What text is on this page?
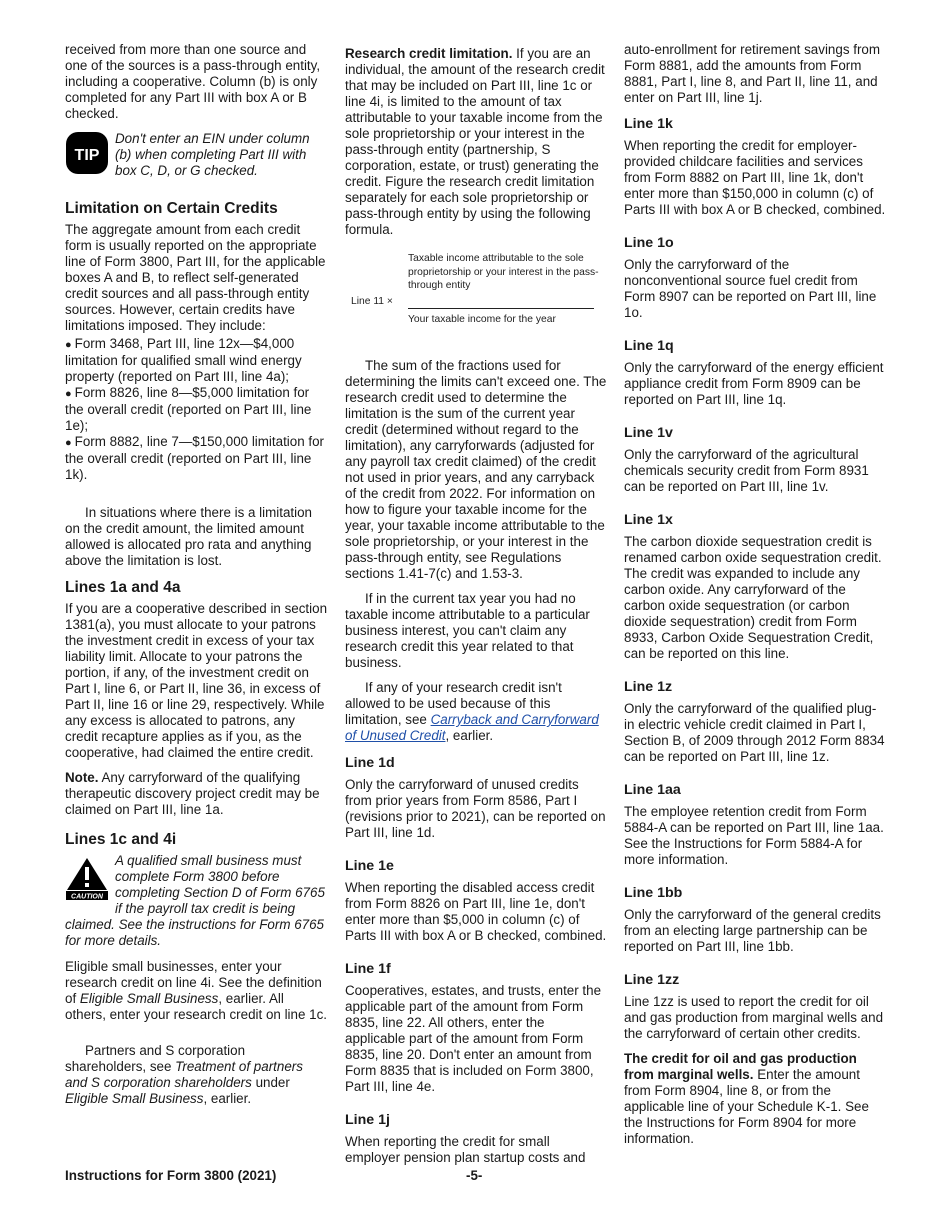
received from more than one source and one of the sources is a pass-through entity, including a cooperative. Column (b) is only completed for any Part III with box A or B checked.

TIP
Don't enter an EIN under column (b) when completing Part III with box C, D, or G checked.
Limitation on Certain Credits

The aggregate amount from each credit form is usually reported on the appropriate line of Form 3800, Part III, for the applicable boxes A and B, to reflect self-generated credit sources and all pass-through entity sources. However, certain credits have limitations imposed. They include:

● Form 3468, Part III, line 12x—$4,000 limitation for qualified small wind energy property (reported on Part III, line 4a);

● Form 8826, line 8—$5,000 limitation for the overall credit (reported on Part III, line 1e);

● Form 8882, line 7—$150,000 limitation for the overall credit (reported on Part III, line 1k).

In situations where there is a limitation on the credit amount, the limited amount allowed is allocated pro rata and anything above the limitation is lost.

Lines 1a and 4a

If you are a cooperative described in section 1381(a), you must allocate to your patrons the investment credit in excess of your tax liability limit. Allocate to your patrons the portion, if any, of the investment credit on Part I, line 6, or Part II, line 36, in excess of Part II, line 16 or line 29, respectively. While any excess is allocated to patrons, any credit recapture applies as if you, as the cooperative, had claimed the entire credit.

Note. Any carryforward of the qualifying therapeutic discovery project credit may be claimed on Part III, line 1a.

Lines 1c and 4i
CAUTION
A qualified small business must complete Form 3800 before completing Section D of Form 6765 if the payroll tax credit is being claimed. See the instructions for Form 6765 for more details.

Eligible small businesses, enter your research credit on line 4i. See the definition of Eligible Small Business, earlier. All others, enter your research credit on line 1c.

Partners and S corporation shareholders, see Treatment of partners and S corporation shareholders under Eligible Small Business, earlier.

Research credit limitation. If you are an individual, the amount of the research credit that may be included on Part III, line 1c or line 4i, is limited to the amount of tax attributable to your taxable income from the sole proprietorship or your interest in the pass-through entity (partnership, S corporation, estate, or trust) generating the credit. Figure the research credit limitation separately for each sole proprietorship or pass-through entity by using the following formula.

Taxable income attributable to the sole proprietorship or your interest in the pass-through entity
Line 11 ×
Your taxable income for the year

The sum of the fractions used for determining the limits can't exceed one. The research credit used to determine the limitation is the sum of the current year credit (determined without regard to the limitation), any carryforwards (adjusted for any payroll tax credit claimed) of the credit not used in prior years, and any carryback of the credit from 2022. For information on how to figure your taxable income for the year, your taxable income attributable to the sole proprietorship, or your interest in the pass-through entity, see Regulations sections 1.41-7(c) and 1.53-3.

If in the current tax year you had no taxable income attributable to a particular business interest, you can't claim any research credit this year related to that business.

If any of your research credit isn't allowed to be used because of this limitation, see Carryback and Carryforward of Unused Credit, earlier.

Line 1d

Only the carryforward of unused credits from prior years from Form 8586, Part I (revisions prior to 2021), can be reported on Part III, line 1d.

Line 1e

When reporting the disabled access credit from Form 8826 on Part III, line 1e, don't enter more than $5,000 in column (c) of Parts III with box A or B checked, combined.

Line 1f

Cooperatives, estates, and trusts, enter the applicable part of the amount from Form 8835, line 22. All others, enter the applicable part of the amount from Form 8835, line 20. Don't enter an amount from Form 8835 that is included on Form 3800, Part III, line 4e.

Line 1j

When reporting the credit for small employer pension plan startup costs and

auto-enrollment for retirement savings from Form 8881, add the amounts from Form 8881, Part I, line 8, and Part II, line 11, and enter on Part III, line 1j.

Line 1k

When reporting the credit for employer-provided childcare facilities and services from Form 8882 on Part III, line 1k, don't enter more than $150,000 in column (c) of Parts III with box A or B checked, combined.

Line 1o

Only the carryforward of the nonconventional source fuel credit from Form 8907 can be reported on Part III, line 1o.

Line 1q

Only the carryforward of the energy efficient appliance credit from Form 8909 can be reported on Part III, line 1q.

Line 1v

Only the carryforward of the agricultural chemicals security credit from Form 8931 can be reported on Part III, line 1v.

Line 1x

The carbon dioxide sequestration credit is renamed carbon oxide sequestration credit. The credit was expanded to include any carbon oxide. Any carryforward of the carbon oxide sequestration (or carbon dioxide sequestration) credit from Form 8933, Carbon Oxide Sequestration Credit, can be reported on this line.

Line 1z

Only the carryforward of the qualified plug-in electric vehicle credit claimed in Part I, Section B, of 2009 through 2012 Form 8834 can be reported on Part III, line 1z.

Line 1aa

The employee retention credit from Form 5884-A can be reported on Part III, line 1aa. See the Instructions for Form 5884-A for more information.

Line 1bb

Only the carryforward of the general credits from an electing large partnership can be reported on Part III, line 1bb.

Line 1zz

Line 1zz is used to report the credit for oil and gas production from marginal wells and the carryforward of certain other credits.

The credit for oil and gas production from marginal wells. Enter the amount from Form 8904, line 8, or from the applicable line of your Schedule K-1. See the Instructions for Form 8904 for more information.

Instructions for Form 3800 (2021)	-5-
